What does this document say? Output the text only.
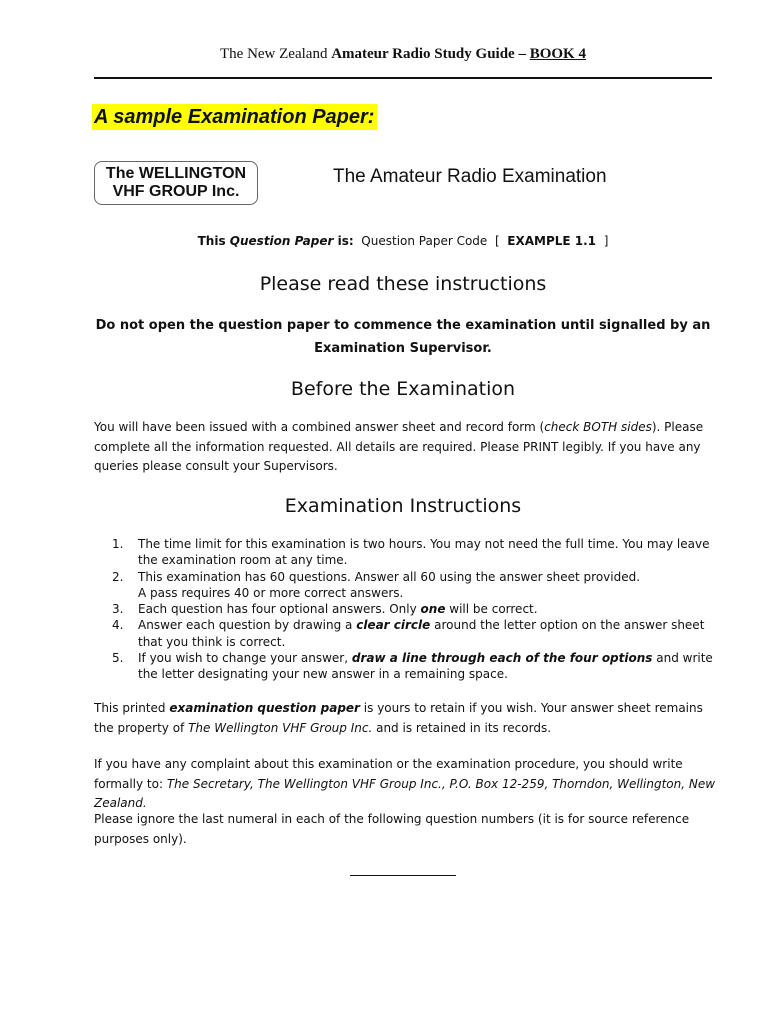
The New Zealand Amateur Radio Study Guide – BOOK 4
A sample Examination Paper:
The WELLINGTON
VHF GROUP Inc.
The Amateur Radio Examination
This Question Paper is: Question Paper Code [ EXAMPLE 1.1 ]
Please read these instructions
Do not open the question paper to commence the examination until signalled by an
Examination Supervisor.
Before the Examination
You will have been issued with a combined answer sheet and record form (check BOTH sides). Please complete all the information requested. All details are required. Please PRINT legibly. If you have any queries please consult your Supervisors.
Examination Instructions
1. The time limit for this examination is two hours. You may not need the full time. You may leave the examination room at any time.
2. This examination has 60 questions. Answer all 60 using the answer sheet provided.
A pass requires 40 or more correct answers.
3. Each question has four optional answers. Only one will be correct.
4. Answer each question by drawing a clear circle around the letter option on the answer sheet that you think is correct.
5. If you wish to change your answer, draw a line through each of the four options and write the letter designating your new answer in a remaining space.
This printed examination question paper is yours to retain if you wish. Your answer sheet remains the property of The Wellington VHF Group Inc. and is retained in its records.
If you have any complaint about this examination or the examination procedure, you should write formally to: The Secretary, The Wellington VHF Group Inc., P.O. Box 12-259, Thorndon, Wellington, New Zealand.
Please ignore the last numeral in each of the following question numbers (it is for source reference purposes only).
